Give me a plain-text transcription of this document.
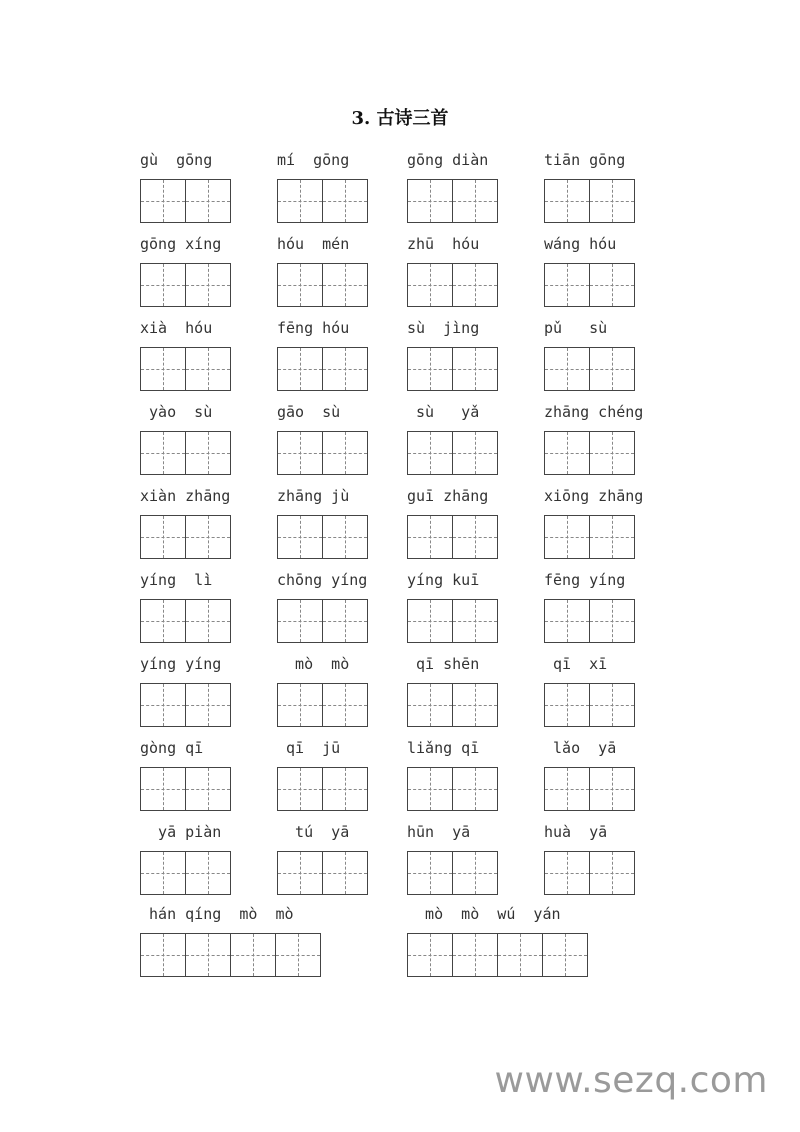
3. 古诗三首
gù  gōng	mí  gōng	gōng diàn	tiān gōng
gōng xíng	hóu  mén	zhū  hóu	wáng hóu
xià  hóu	fēng hóu	sù  jìng	pǔ   sù
yào  sù	gāo  sù	sù   yǎ	zhāng chéng
xiàn zhāng	zhāng jù	guī zhāng	xiōng zhāng
yíng  lì	chōng yíng	yíng kuī	fēng yíng
yíng yíng	mò  mò	qī shēn	qī  xī
gòng qī	qī  jū	liǎng qī	lǎo  yā
yā piàn	tú  yā	hūn  yā	huà  yā
hán qíng  mò  mò	mò  mò  wú  yán
www.sezq.com
